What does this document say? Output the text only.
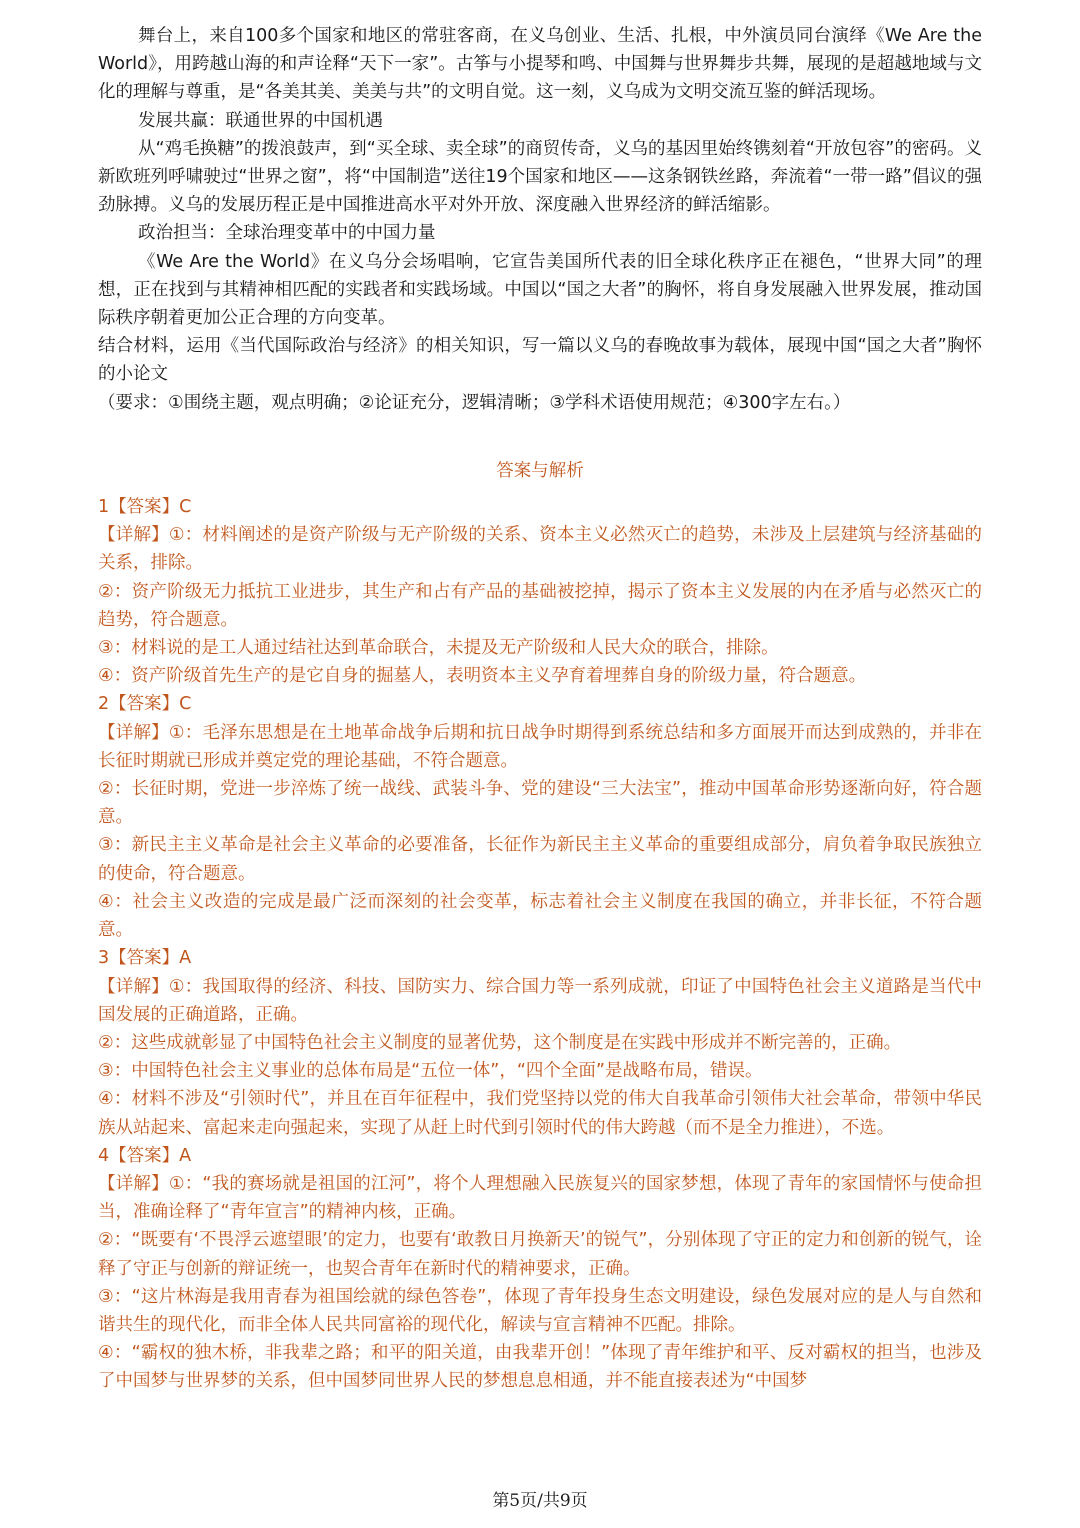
舞台上，来自100多个国家和地区的常驻客商，在义乌创业、生活、扎根，中外演员同台演绎《We Are the World》，用跨越山海的和声诠释“天下一家”。古筝与小提琴和鸣、中国舞与世界舞步共舞，展现的是超越地域与文化的理解与尊重，是“各美其美、美美与共”的文明自觉。这一刻，义乌成为文明交流互鉴的鲜活现场。

发展共赢：联通世界的中国机遇

从“鸡毛换糖”的拨浪鼓声，到“买全球、卖全球”的商贸传奇，义乌的基因里始终镌刻着“开放包容”的密码。义新欧班列呼啸驶过“世界之窗”，将“中国制造”送往19个国家和地区——这条钢铁丝路，奔流着“一带一路”倡议的强劲脉搏。义乌的发展历程正是中国推进高水平对外开放、深度融入世界经济的鲜活缩影。

政治担当：全球治理变革中的中国力量

《We Are the World》在义乌分会场唱响，它宣告美国所代表的旧全球化秩序正在褪色，“世界大同”的理想，正在找到与其精神相匹配的实践者和实践场域。中国以“国之大者”的胸怀，将自身发展融入世界发展，推动国际秩序朝着更加公正合理的方向变革。

结合材料，运用《当代国际政治与经济》的相关知识，写一篇以义乌的春晚故事为载体，展现中国“国之大者”胸怀的小论文

（要求：①围绕主题，观点明确；②论证充分，逻辑清晰；③学科术语使用规范；④300字左右。）

答案与解析

1【答案】C

【详解】①：材料阐述的是资产阶级与无产阶级的关系、资本主义必然灭亡的趋势，未涉及上层建筑与经济基础的关系，排除。

②：资产阶级无力抵抗工业进步，其生产和占有产品的基础被挖掉，揭示了资本主义发展的内在矛盾与必然灭亡的趋势，符合题意。

③：材料说的是工人通过结社达到革命联合，未提及无产阶级和人民大众的联合，排除。

④：资产阶级首先生产的是它自身的掘墓人，表明资本主义孕育着埋葬自身的阶级力量，符合题意。

2【答案】C

【详解】①：毛泽东思想是在土地革命战争后期和抗日战争时期得到系统总结和多方面展开而达到成熟的，并非在长征时期就已形成并奠定党的理论基础，不符合题意。

②：长征时期，党进一步淬炼了统一战线、武装斗争、党的建设“三大法宝”，推动中国革命形势逐渐向好，符合题意。

③：新民主主义革命是社会主义革命的必要准备，长征作为新民主主义革命的重要组成部分，肩负着争取民族独立的使命，符合题意。

④：社会主义改造的完成是最广泛而深刻的社会变革，标志着社会主义制度在我国的确立，并非长征，不符合题意。

3【答案】A

【详解】①：我国取得的经济、科技、国防实力、综合国力等一系列成就，印证了中国特色社会主义道路是当代中国发展的正确道路，正确。

②：这些成就彰显了中国特色社会主义制度的显著优势，这个制度是在实践中形成并不断完善的，正确。

③：中国特色社会主义事业的总体布局是“五位一体”，“四个全面”是战略布局，错误。

④：材料不涉及“引领时代”，并且在百年征程中，我们党坚持以党的伟大自我革命引领伟大社会革命，带领中华民族从站起来、富起来走向强起来，实现了从赶上时代到引领时代的伟大跨越（而不是全力推进），不选。

4【答案】A

【详解】①：“我的赛场就是祖国的江河”，将个人理想融入民族复兴的国家梦想，体现了青年的家国情怀与使命担当，准确诠释了“青年宣言”的精神内核，正确。

②：“既要有‘不畏浮云遮望眼’的定力，也要有‘敢教日月换新天’的锐气”，分别体现了守正的定力和创新的锐气，诠释了守正与创新的辩证统一，也契合青年在新时代的精神要求，正确。

③：“这片林海是我用青春为祖国绘就的绿色答卷”，体现了青年投身生态文明建设，绿色发展对应的是人与自然和谐共生的现代化，而非全体人民共同富裕的现代化，解读与宣言精神不匹配。排除。

④：“霸权的独木桥，非我辈之路；和平的阳关道，由我辈开创！”体现了青年维护和平、反对霸权的担当，也涉及了中国梦与世界梦的关系，但中国梦同世界人民的梦想息息相通，并不能直接表述为“中国梦

第5页/共9页
